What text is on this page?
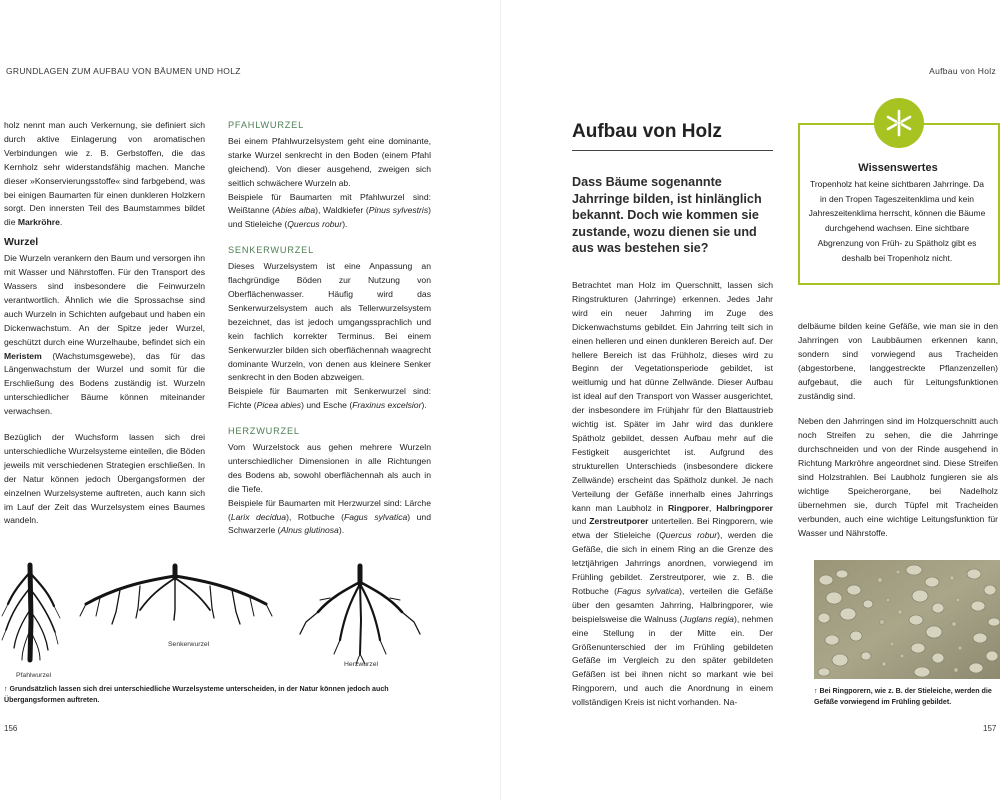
GRUNDLAGEN ZUM AUFBAU VON BÄUMEN UND HOLZ	Aufbau von Holz

holz nennt man auch Verkernung, sie definiert sich durch aktive Einlagerung von aromatischen Verbindungen wie z. B. Gerbstoffen, die das Kernholz sehr widerstandsfähig machen. Manche dieser »Konservierungsstoffe« sind farbgebend, was bei einigen Baumarten für einen dunkleren Holzkern sorgt. Den innersten Teil des Baumstammes bildet die Markröhre.

Wurzel

Die Wurzeln verankern den Baum und versorgen ihn mit Wasser und Nährstoffen. Für den Transport des Wassers sind insbesondere die Feinwurzeln verantwortlich. Ähnlich wie die Sprossachse sind auch Wurzeln in Schichten aufgebaut und haben ein Dickenwachstum. An der Spitze jeder Wurzel, geschützt durch eine Wurzelhaube, befindet sich ein Meristem (Wachstumsgewebe), das für das Längenwachstum der Wurzel und somit für die Erschließung des Bodens zuständig ist. Wurzeln unterschiedlicher Bäume können miteinander verwachsen.

Bezüglich der Wuchsform lassen sich drei unterschiedliche Wurzelsysteme einteilen, die Böden jeweils mit verschiedenen Strategien erschließen. In der Natur können jedoch Übergangsformen der einzelnen Wurzelsysteme auftreten, auch kann sich im Lauf der Zeit das Wurzelsystem eines Baumes wandeln.

PFAHLWURZEL

Bei einem Pfahlwurzelsystem geht eine dominante, starke Wurzel senkrecht in den Boden (einem Pfahl gleichend). Von dieser ausgehend, zweigen sich seitlich schwächere Wurzeln ab.

Beispiele für Baumarten mit Pfahlwurzel sind: Weißtanne (Abies alba), Waldkiefer (Pinus sylvestris) und Stieleiche (Quercus robur).

SENKERWURZEL

Dieses Wurzelsystem ist eine Anpassung an flachgründige Böden zur Nutzung von Oberflächenwasser. Häufig wird das Senkerwurzelsystem auch als Tellerwurzelsystem bezeichnet, das ist jedoch umgangssprachlich und kein fachlich korrekter Terminus. Bei einem Senkerwurzler bilden sich oberflächennah waagrecht dominante Wurzeln, von denen aus kleinere Senker senkrecht in den Boden abzweigen.

Beispiele für Baumarten mit Senkerwurzel sind: Fichte (Picea abies) und Esche (Fraxinus excelsior).

HERZWURZEL

Vom Wurzelstock aus gehen mehrere Wurzeln unterschiedlicher Dimensionen in alle Richtungen des Bodens ab, sowohl oberflächennah als auch in die Tiefe.

Beispiele für Baumarten mit Herzwurzel sind: Lärche (Larix decidua), Rotbuche (Fagus sylvatica) und Schwarzerle (Alnus glutinosa).

Pfahlwurzel
Senkerwurzel
Herzwurzel
↑ Grundsätzlich lassen sich drei unterschiedliche Wurzelsysteme unterscheiden, in der Natur können jedoch auch Übergangsformen auftreten.
156
Aufbau von Holz
Dass Bäume sogenannte Jahrringe bilden, ist hinlänglich bekannt. Doch wie kommen sie zustande, wozu dienen sie und aus was bestehen sie?

Betrachtet man Holz im Querschnitt, lassen sich Ringstrukturen (Jahrringe) erkennen. Jedes Jahr wird ein neuer Jahrring im Zuge des Dickenwachstums gebildet. Ein Jahrring teilt sich in einen helleren und einen dunkleren Bereich auf. Der hellere Bereich ist das Frühholz, dieses wird zu Beginn der Vegetationsperiode gebildet, ist weitlumig und hat dünne Zellwände. Dieser Aufbau ist ideal auf den Transport von Wasser ausgerichtet, der insbesondere im Frühjahr für den Blattaustrieb wichtig ist. Später im Jahr wird das dunklere Spätholz gebildet, dessen Aufbau mehr auf die Festigkeit ausgerichtet ist. Aufgrund des strukturellen Unterschieds (insbesondere dickere Zellwände) erscheint das Spätholz dunkel. Je nach Verteilung der Gefäße innerhalb eines Jahrrings kann man Laubholz in Ringporer, Halbringporer und Zerstreutporer unterteilen. Bei Ringporern, wie etwa der Stieleiche (Quercus robur), werden die Gefäße, die sich in einem Ring an die Grenze des letztjährigen Jahrrings anordnen, vorwiegend im Frühling gebildet. Zerstreutporer, wie z. B. die Rotbuche (Fagus sylvatica), verteilen die Gefäße über den gesamten Jahrring, Halbringporer, wie beispielsweise die Walnuss (Juglans regia), nehmen eine Stellung in der Mitte ein. Der Größenunterschied der im Frühling gebildeten Gefäße im Vergleich zu den später gebildeten Gefäßen ist bei ihnen nicht so markant wie bei Ringporern, und auch die Anordnung in einem vollständigen Kreis ist nicht vorhanden. Na-

Wissenswertes
Tropenholz hat keine sichtbaren Jahrringe. Da in den Tropen Tageszeitenklima und kein Jahreszeitenklima herrscht, können die Bäume durchgehend wachsen. Eine sichtbare Abgrenzung von Früh- zu Spätholz gibt es deshalb bei Tropenholz nicht.

delbäume bilden keine Gefäße, wie man sie in den Jahrringen von Laubbäumen erkennen kann, sondern sind vorwiegend aus Tracheiden (abgestorbene, langgestreckte Pflanzenzellen) aufgebaut, die auch für Leitungsfunktionen zuständig sind.

Neben den Jahrringen sind im Holzquerschnitt auch noch Streifen zu sehen, die die Jahrringe durchschneiden und von der Rinde ausgehend in Richtung Markröhre angeordnet sind. Diese Streifen sind Holzstrahlen. Bei Laubholz fungieren sie als wichtige Speicherorgane, bei Nadelholz übernehmen sie, durch Tüpfel mit Tracheiden verbunden, auch eine wichtige Leitungsfunktion für Wasser und Nährstoffe.

↑ Bei Ringporern, wie z. B. der Stieleiche, werden die Gefäße vorwiegend im Frühling gebildet.
157
